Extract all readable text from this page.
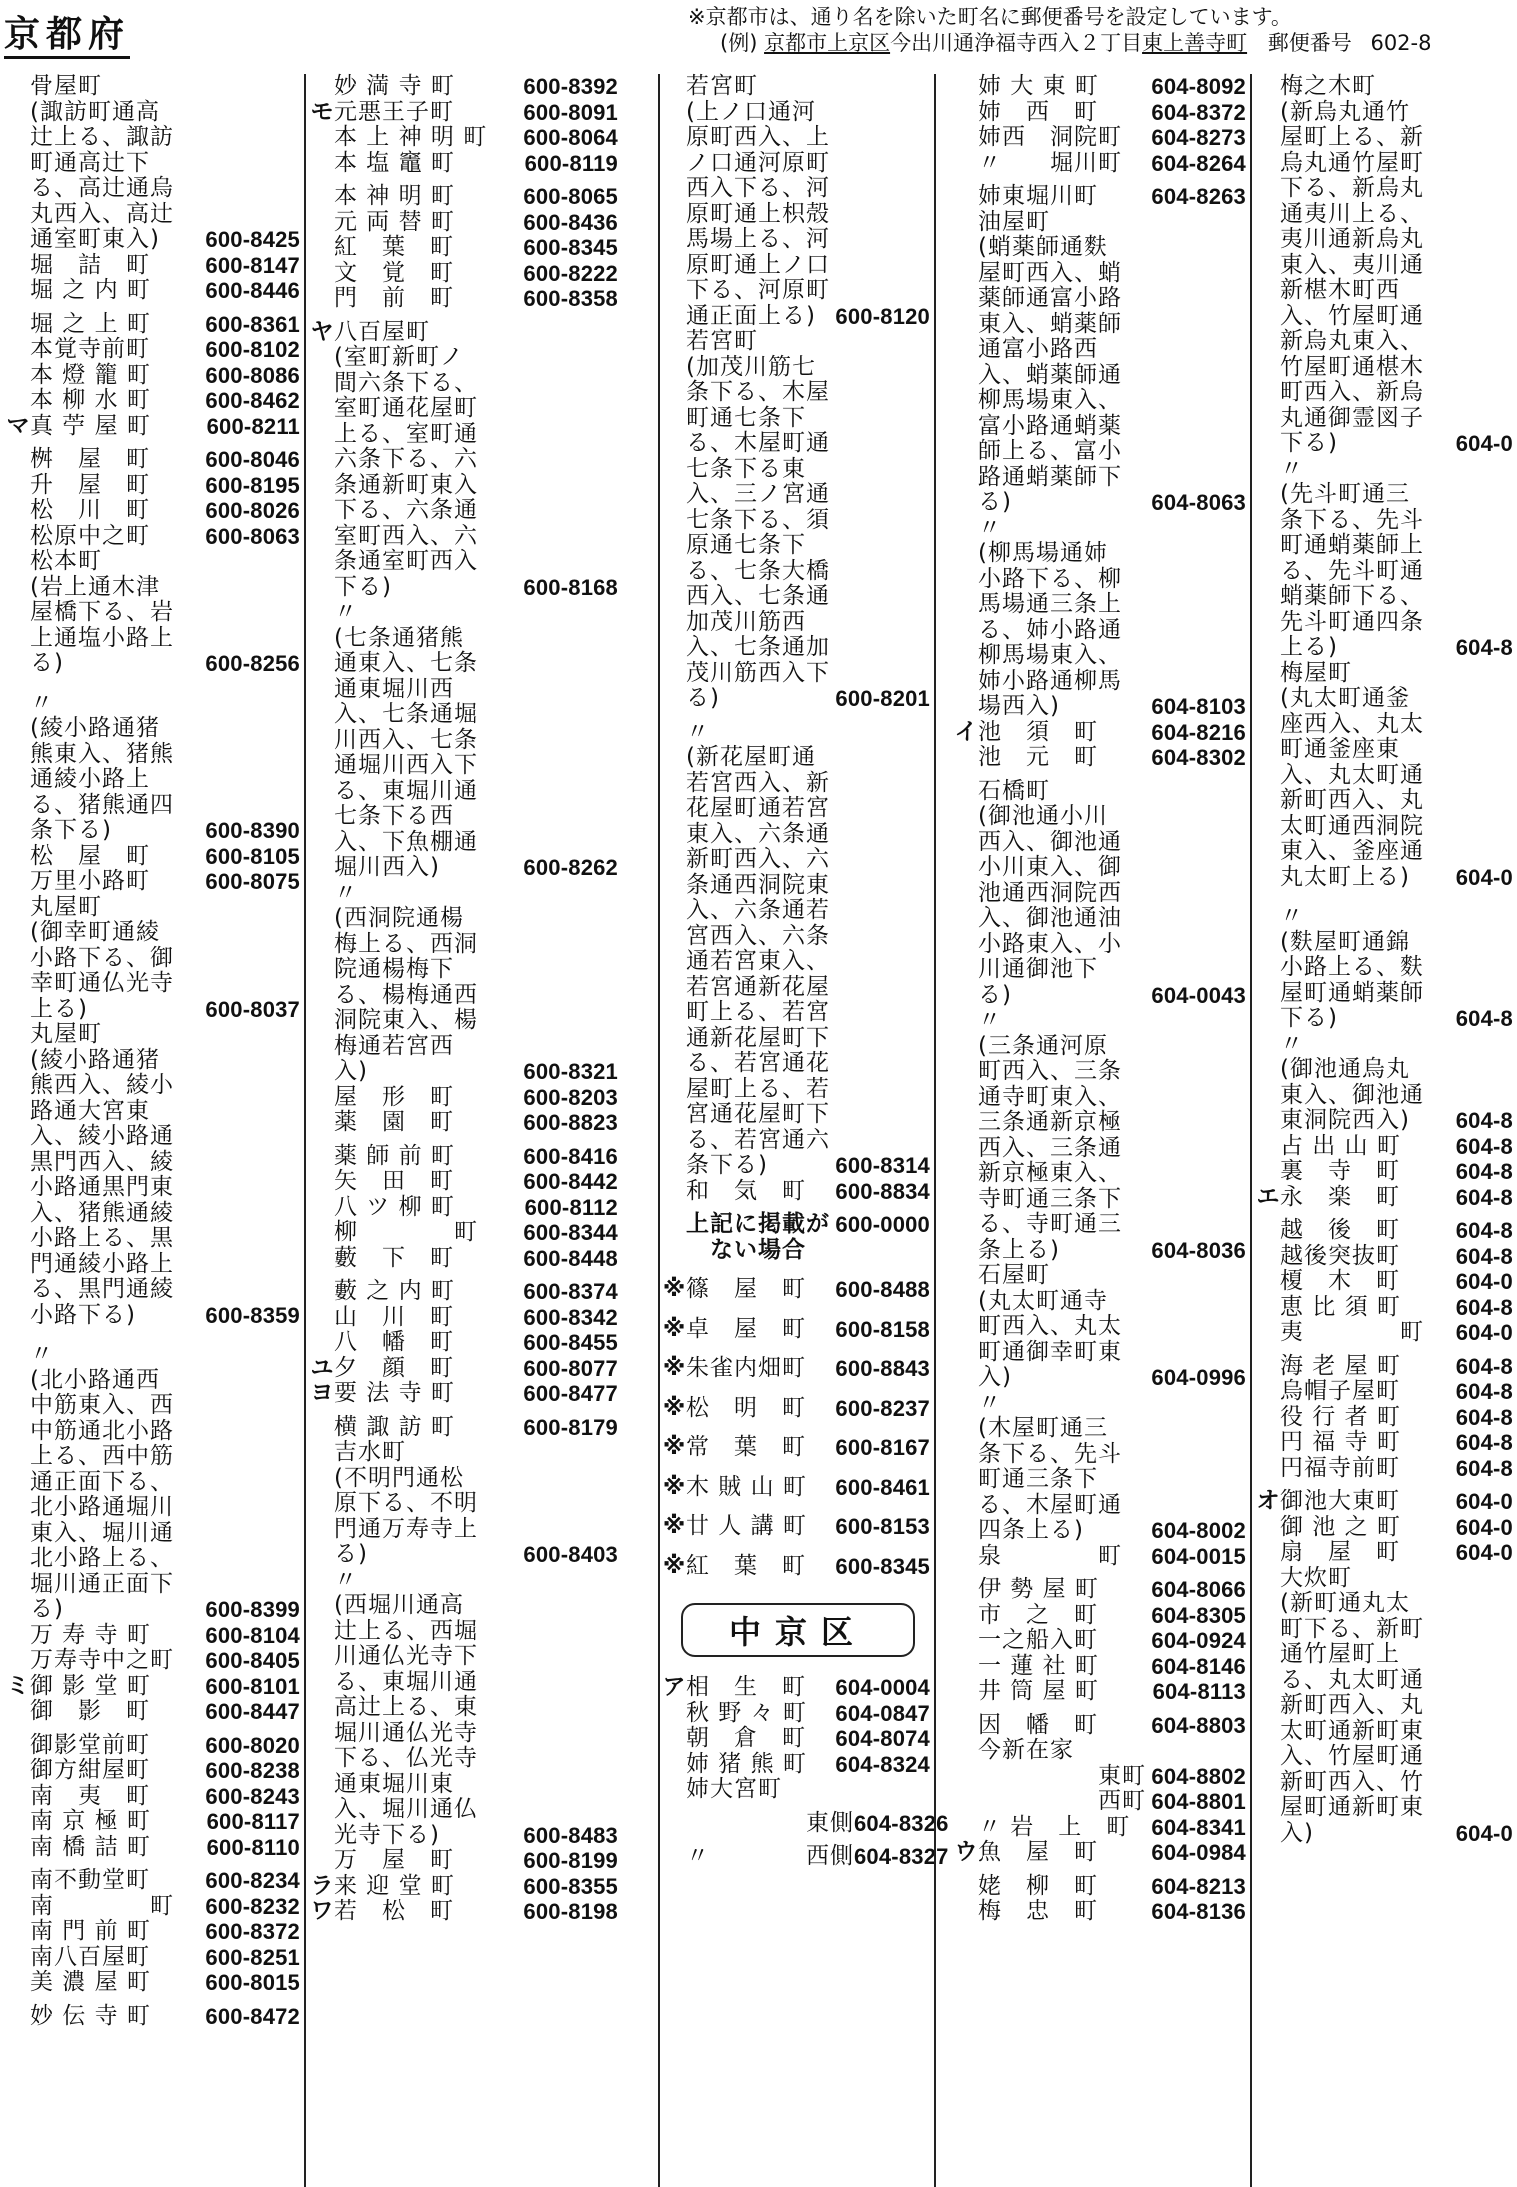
京都府	※京都市は、通り名を除いた町名に郵便番号を設定しています。
(例) 京都市上京区今出川通浄福寺西入２丁目東上善寺町 郵便番号 602-8
骨屋町
(諏訪町通高
辻上る、諏訪
町通高辻下
る、高辻通烏
丸西入、高辻
通室町東入)	600-8425
堀　詰　町	600-8147
堀 之 内 町	600-8446
堀 之 上 町	600-8361
本覚寺前町	600-8102
本 燈 籠 町	600-8086
本 柳 水 町	600-8462
マ 真 苧 屋 町	600-8211
桝　屋　町	600-8046
升　屋　町	600-8195
松　川　町	600-8026
松原中之町	600-8063
松本町
(岩上通木津
屋橋下る、岩
上通塩小路上
る)	600-8256
〃
(綾小路通猪
熊東入、猪熊
通綾小路上
る、猪熊通四
条下る)	600-8390
松　屋　町	600-8105
万里小路町	600-8075
丸屋町
(御幸町通綾
小路下る、御
幸町通仏光寺
上る)	600-8037
丸屋町
(綾小路通猪
熊西入、綾小
路通大宮東
入、綾小路通
黒門西入、綾
小路通黒門東
入、猪熊通綾
小路上る、黒
門通綾小路上
る、黒門通綾
小路下る)	600-8359
〃
(北小路通西
中筋東入、西
中筋通北小路
上る、西中筋
通正面下る、
北小路通堀川
東入、堀川通
北小路上る、
堀川通正面下
る)	600-8399
万 寿 寺 町	600-8104
万寿寺中之町	600-8405
ミ 御 影 堂 町	600-8101
御　影　町	600-8447
御影堂前町	600-8020
御方紺屋町	600-8238
南　夷　町	600-8243
南 京 極 町	600-8117
南 橋 詰 町	600-8110
南不動堂町	600-8234
南　　　　町	600-8232
南 門 前 町	600-8372
南八百屋町	600-8251
美 濃 屋 町	600-8015
妙 伝 寺 町	600-8472
妙 満 寺 町	600-8392
モ 元悪王子町	600-8091
本 上 神 明 町	600-8064
本 塩 竈 町	600-8119
本 神 明 町	600-8065
元 両 替 町	600-8436
紅　葉　町	600-8345
文　覚　町	600-8222
門　前　町	600-8358
ヤ 八百屋町
(室町新町ノ
間六条下る、
室町通花屋町
上る、室町通
六条下る、六
条通新町東入
下る、六条通
室町西入、六
条通室町西入
下る)	600-8168
〃
(七条通猪熊
通東入、七条
通東堀川西
入、七条通堀
川西入、七条
通堀川西入下
る、東堀川通
七条下る西
入、下魚棚通
堀川西入)	600-8262
〃
(西洞院通楊
梅上る、西洞
院通楊梅下
る、楊梅通西
洞院東入、楊
梅通若宮西
入)	600-8321
屋　形　町	600-8203
薬　園　町	600-8823
薬 師 前 町	600-8416
矢　田　町	600-8442
八 ツ 柳 町	600-8112
柳　　　　町	600-8344
藪　下　町	600-8448
藪 之 内 町	600-8374
山　川　町	600-8342
八　幡　町	600-8455
ユ 夕　顔　町	600-8077
ヨ 要 法 寺 町	600-8477
横 諏 訪 町	600-8179
吉水町
(不明門通松
原下る、不明
門通万寿寺上
る)	600-8403
〃
(西堀川通高
辻上る、西堀
川通仏光寺下
る、東堀川通
高辻上る、東
堀川通仏光寺
下る、仏光寺
通東堀川東
入、堀川通仏
光寺下る)	600-8483
万　屋　町	600-8199
ラ 来 迎 堂 町	600-8355
ワ 若　松　町	600-8198
若宮町
(上ノ口通河
原町西入、上
ノ口通河原町
西入下る、河
原町通上枳殻
馬場上る、河
原町通上ノ口
下る、河原町
通正面上る) 600-8120
若宮町
(加茂川筋七
条下る、木屋
町通七条下
る、木屋町通
七条下る東
入、三ノ宮通
七条下る、須
原通七条下
る、七条大橋
西入、七条通
加茂川筋西
入、七条通加
茂川筋西入下
る)	600-8201
〃
(新花屋町通
若宮西入、新
花屋町通若宮
東入、六条通
新町西入、六
条通西洞院東
入、六条通若
宮西入、六条
通若宮東入、
若宮通新花屋
町上る、若宮
通新花屋町下
る、若宮通花
屋町上る、若
宮通花屋町下
る、若宮通六
条下る)	600-8314
和　気　町	600-8834
上記に掲載が 600-0000
　ない場合
※ 篠　屋　町	600-8488
※ 卓　屋　町	600-8158
※ 朱雀内畑町	600-8843
※ 松　明　町	600-8237
※ 常　葉　町	600-8167
※ 木 賊 山 町	600-8461
※ 廿 人 講 町	600-8153
※ 紅　葉　町	600-8345
中京区
ア 相　生　町	604-0004
秋 野 々 町	604-0847
朝　倉　町	604-8074
姉 猪 熊 町	604-8324
姉大宮町
　　　　　東側 604-8326
〃　　　　西側 604-8327
姉 大 東 町	604-8092
姉　西　町	604-8372
姉西　洞院町	604-8273
〃　　堀川町	604-8264
姉東堀川町	604-8263
油屋町
(蛸薬師通麩
屋町西入、蛸
薬師通富小路
東入、蛸薬師
通富小路西
入、蛸薬師通
柳馬場東入、
富小路通蛸薬
師上る、富小
路通蛸薬師下
る)	604-8063
〃
(柳馬場通姉
小路下る、柳
馬場通三条上
る、姉小路通
柳馬場東入、
姉小路通柳馬
場西入)	604-8103
イ 池　須　町	604-8216
池　元　町	604-8302
石橋町
(御池通小川
西入、御池通
小川東入、御
池通西洞院西
入、御池通油
小路東入、小
川通御池下
る)	604-0043
〃
(三条通河原
町西入、三条
通寺町東入、
三条通新京極
西入、三条通
新京極東入、
寺町通三条下
る、寺町通三
条上る)	604-8036
石屋町
(丸太町通寺
町西入、丸太
町通御幸町東
入)	604-0996
〃
(木屋町通三
条下る、先斗
町通三条下
る、木屋町通
四条上る)	604-8002
泉　　　　町	604-0015
伊 勢 屋 町	604-8066
市　之　町	604-8305
一之船入町	604-0924
一 蓮 社 町	604-8146
井 筒 屋 町	604-8113
因　幡　町	604-8803
今新在家
　　　　　東町 604-8802
　　　　　西町 604-8801
〃 岩　上　町 604-8341
ウ 魚　屋　町	604-0984
姥　柳　町	604-8213
梅　忠　町	604-8136
梅之木町
(新烏丸通竹
屋町上る、新
烏丸通竹屋町
下る、新烏丸
通夷川上る、
夷川通新烏丸
東入、夷川通
新椹木町西
入、竹屋町通
新烏丸東入、
竹屋町通椹木
町西入、新烏
丸通御霊図子
下る)	604-0
〃
(先斗町通三
条下る、先斗
町通蛸薬師上
る、先斗町通
蛸薬師下る、
先斗町通四条
上る)	604-8
梅屋町
(丸太町通釜
座西入、丸太
町通釜座東
入、丸太町通
新町西入、丸
太町通西洞院
東入、釜座通
丸太町上る)	604-0
〃
(麩屋町通錦
小路上る、麩
屋町通蛸薬師
下る)	604-8
〃
(御池通烏丸
東入、御池通
東洞院西入)	604-8
占 出 山 町	604-8
裏　寺　町	604-8
エ 永　楽　町	604-8
越　後　町	604-8
越後突抜町	604-8
榎　木　町	604-0
恵 比 須 町	604-8
夷　　　　町	604-0
海 老 屋 町	604-8
烏帽子屋町	604-8
役 行 者 町	604-8
円 福 寺 町	604-8
円福寺前町	604-8
オ 御池大東町	604-0
御 池 之 町	604-0
扇　屋　町	604-0
大炊町
(新町通丸太
町下る、新町
通竹屋町上
る、丸太町通
新町西入、丸
太町通新町東
入、竹屋町通
新町西入、竹
屋町通新町東
入)	604-0
